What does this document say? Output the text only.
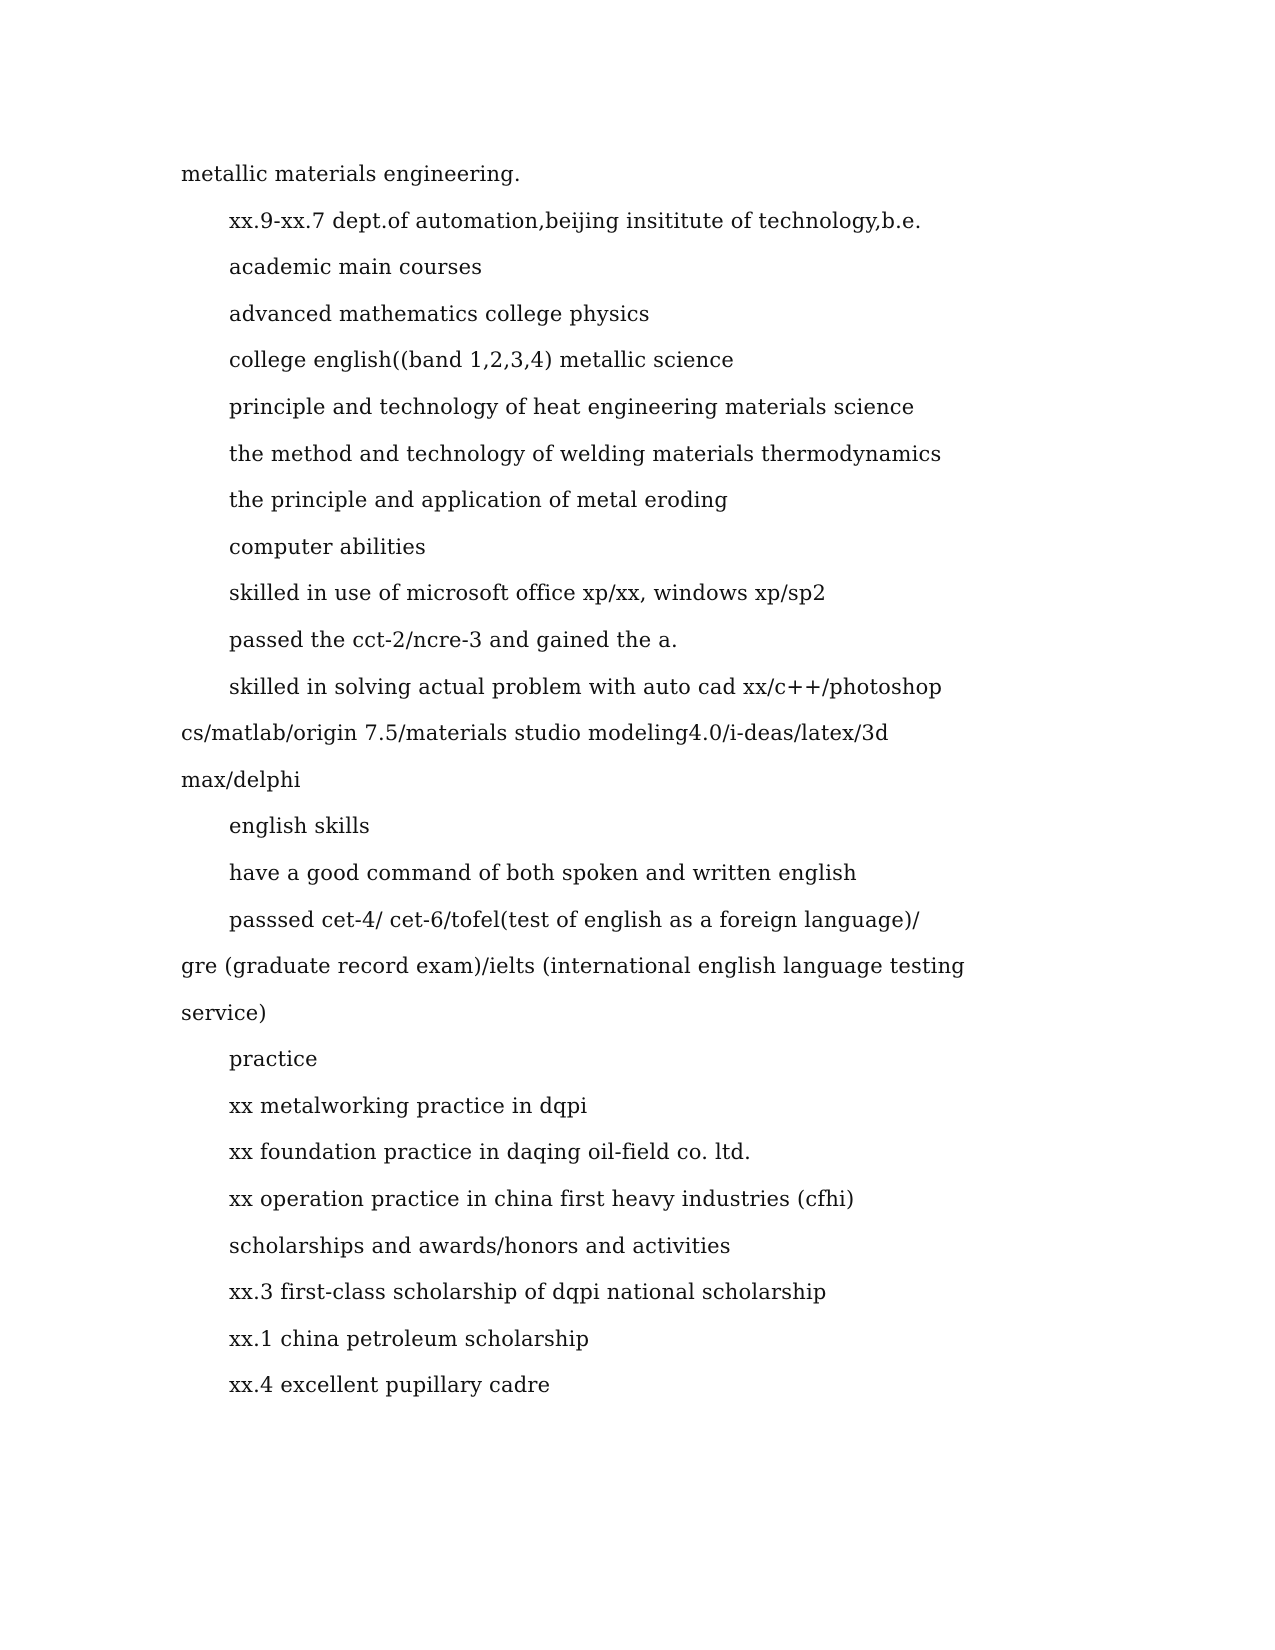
metallic materials engineering.

xx.9-xx.7 dept.of automation,beijing insititute of technology,b.e.

academic main courses

advanced mathematics college physics

college english((band 1,2,3,4) metallic science

principle and technology of heat engineering materials science

the method and technology of welding materials thermodynamics

the principle and application of metal eroding

computer abilities

skilled in use of microsoft office xp/xx, windows xp/sp2

passed the cct-2/ncre-3 and gained the a.

skilled in solving actual problem with auto cad xx/c++/photoshop

cs/matlab/origin 7.5/materials studio modeling4.0/i-deas/latex/3d

max/delphi

english skills

have a good command of both spoken and written english

passsed cet-4/ cet-6/tofel(test of english as a foreign language)/

gre (graduate record exam)/ielts (international english language testing

service)

practice

xx metalworking practice in dqpi

xx foundation practice in daqing oil-field co. ltd.

xx operation practice in china first heavy industries (cfhi)

scholarships and awards/honors and activities

xx.3 first-class scholarship of dqpi national scholarship

xx.1 china petroleum scholarship

xx.4 excellent pupillary cadre
